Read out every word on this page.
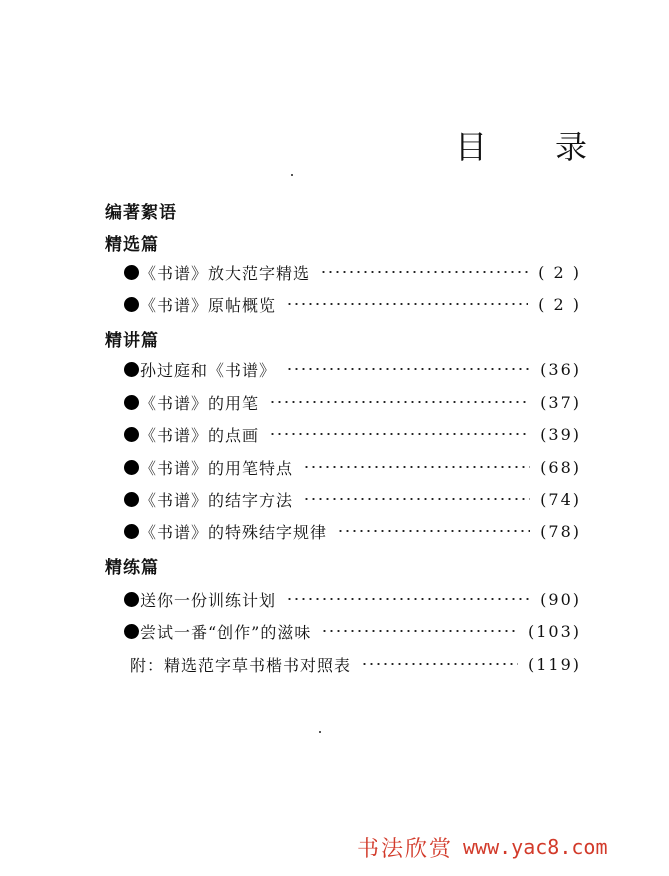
目 录
编著絮语
精选篇
《书谱》放大范字精选	( 2 )
《书谱》原帖概览	( 2 )
精讲篇
孙过庭和《书谱》	(36)
《书谱》的用笔	(37)
《书谱》的点画	(39)
《书谱》的用笔特点	(68)
《书谱》的结字方法	(74)
《书谱》的特殊结字规律	(78)
精练篇
送你一份训练计划	(90)
尝试一番“创作”的滋味	(103)
附：精选范字草书楷书对照表	(119)
书法欣赏 www.yac8.com
